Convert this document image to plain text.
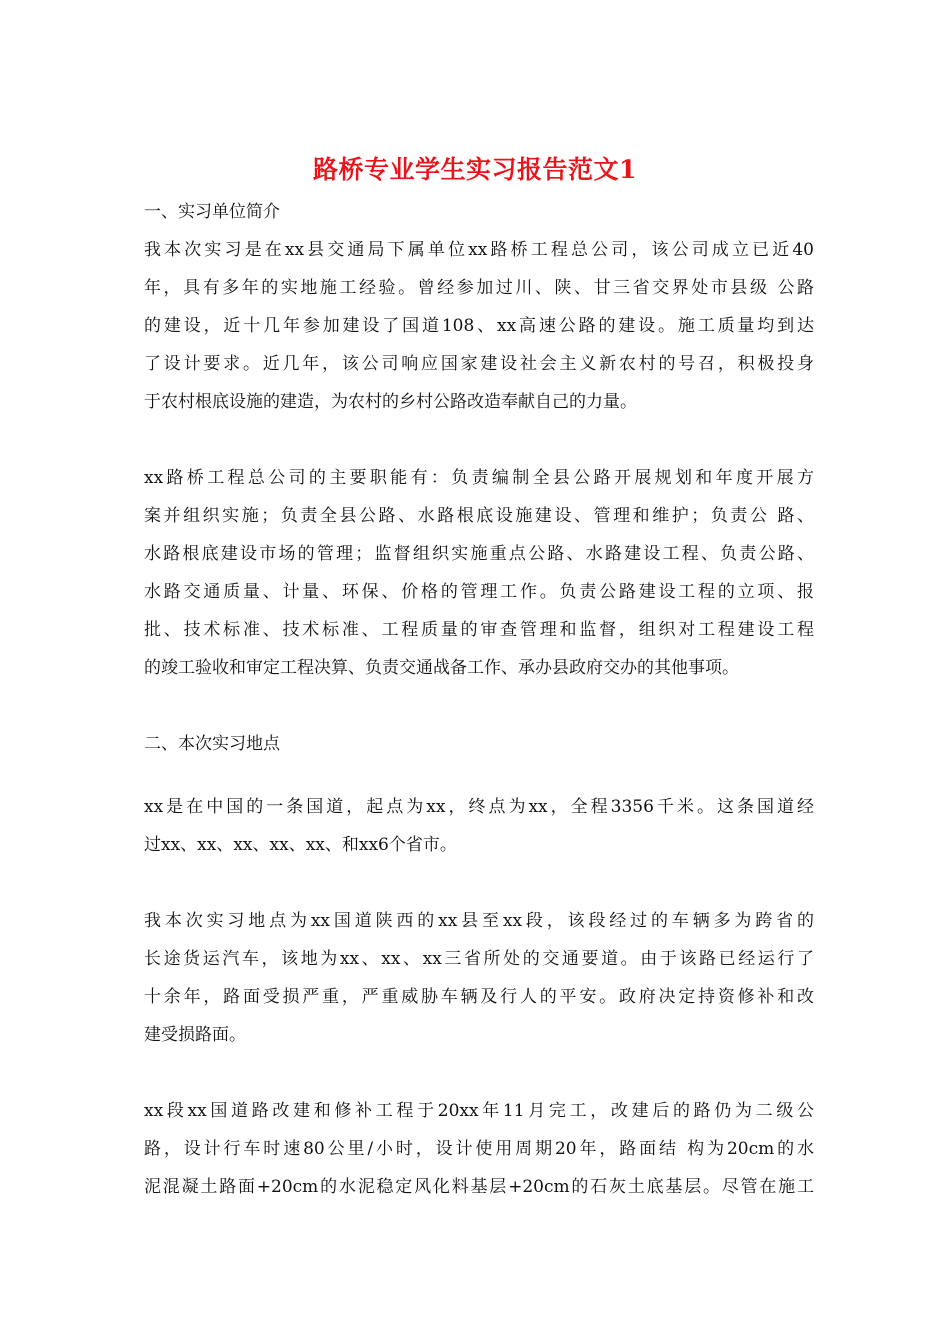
路桥专业学生实习报告范文1
一、实习单位简介
我本次实习是在xx县交通局下属单位xx路桥工程总公司，该公司成立已近40
年，具有多年的实地施工经验。曾经参加过川、陕、甘三省交界处市县级 公路
的建设，近十几年参加建设了国道108、xx高速公路的建设。施工质量均到达
了设计要求。近几年，该公司响应国家建设社会主义新农村的号召，积极投身
于农村根底设施的建造，为农村的乡村公路改造奉献自己的力量。
xx路桥工程总公司的主要职能有：负责编制全县公路开展规划和年度开展方
案并组织实施；负责全县公路、水路根底设施建设、管理和维护；负责公 路、
水路根底建设市场的管理；监督组织实施重点公路、水路建设工程、负责公路、
水路交通质量、计量、环保、价格的管理工作。负责公路建设工程的立项、报
批、技术标准、技术标准、工程质量的审查管理和监督，组织对工程建设工程
的竣工验收和审定工程决算、负责交通战备工作、承办县政府交办的其他事项。
二、本次实习地点
xx是在中国的一条国道，起点为xx，终点为xx，全程3356千米。这条国道经
过xx、xx、xx、xx、xx、和xx6个省市。
我本次实习地点为xx国道陕西的xx县至xx段，该段经过的车辆多为跨省的
长途货运汽车，该地为xx、xx、xx三省所处的交通要道。由于该路已经运行了
十余年，路面受损严重，严重威胁车辆及行人的平安。政府决定持资修补和改
建受损路面。
xx段xx国道路改建和修补工程于20xx年11月完工，改建后的路仍为二级公
路，设计行车时速80公里/小时，设计使用周期20年，路面结 构为20cm的水
泥混凝土路面+20cm的水泥稳定风化料基层+20cm的石灰土底基层。尽管在施工
